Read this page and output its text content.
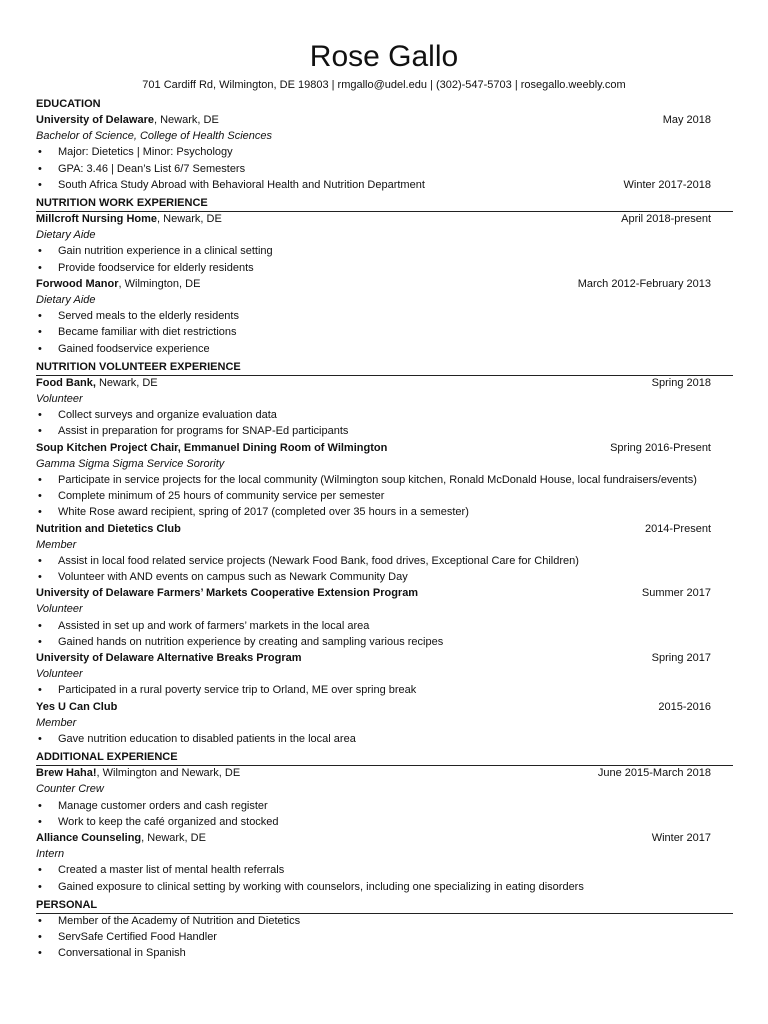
Rose Gallo
701 Cardiff Rd, Wilmington, DE 19803 | rmgallo@udel.edu | (302)-547-5703 | rosegallo.weebly.com
EDUCATION
University of Delaware, Newark, DE	May 2018
Bachelor of Science, College of Health Sciences
• Major: Dietetics | Minor: Psychology
• GPA: 3.46 | Dean’s List 6/7 Semesters
• South Africa Study Abroad with Behavioral Health and Nutrition Department	Winter 2017-2018
NUTRITION WORK EXPERIENCE
Millcroft Nursing Home, Newark, DE	April 2018-present
Dietary Aide
• Gain nutrition experience in a clinical setting
• Provide foodservice for elderly residents
Forwood Manor, Wilmington, DE	March 2012-February 2013
Dietary Aide
• Served meals to the elderly residents
• Became familiar with diet restrictions
• Gained foodservice experience
NUTRITION VOLUNTEER EXPERIENCE
Food Bank, Newark, DE	Spring 2018
Volunteer
• Collect surveys and organize evaluation data
• Assist in preparation for programs for SNAP-Ed participants
Soup Kitchen Project Chair, Emmanuel Dining Room of Wilmington	Spring 2016-Present
Gamma Sigma Sigma Service Sorority
• Participate in service projects for the local community (Wilmington soup kitchen, Ronald McDonald House, local fundraisers/events)
• Complete minimum of 25 hours of community service per semester
• White Rose award recipient, spring of 2017 (completed over 35 hours in a semester)
Nutrition and Dietetics Club	2014-Present
Member
• Assist in local food related service projects (Newark Food Bank, food drives, Exceptional Care for Children)
• Volunteer with AND events on campus such as Newark Community Day
University of Delaware Farmers’ Markets Cooperative Extension Program	Summer 2017
Volunteer
• Assisted in set up and work of farmers’ markets in the local area
• Gained hands on nutrition experience by creating and sampling various recipes
University of Delaware Alternative Breaks Program	Spring 2017
Volunteer
• Participated in a rural poverty service trip to Orland, ME over spring break
Yes U Can Club	2015-2016
Member
• Gave nutrition education to disabled patients in the local area
ADDITIONAL EXPERIENCE
Brew Haha!, Wilmington and Newark, DE	June 2015-March 2018
Counter Crew
• Manage customer orders and cash register
• Work to keep the café organized and stocked
Alliance Counseling, Newark, DE	Winter 2017
Intern
• Created a master list of mental health referrals
• Gained exposure to clinical setting by working with counselors, including one specializing in eating disorders
PERSONAL
• Member of the Academy of Nutrition and Dietetics
• ServSafe Certified Food Handler
• Conversational in Spanish
